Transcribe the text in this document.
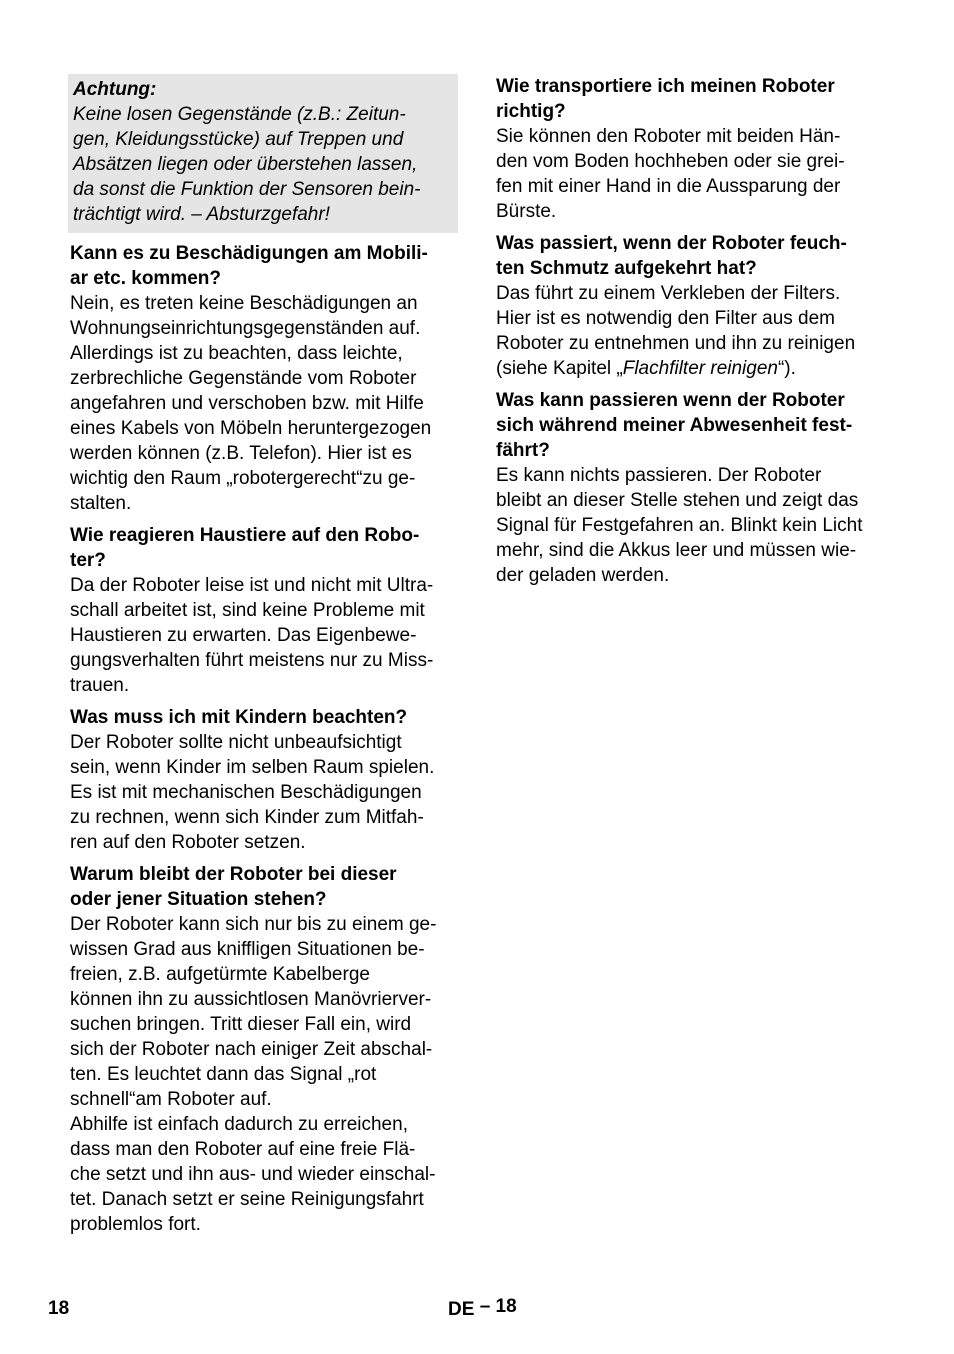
Achtung:
Keine losen Gegenstände (z.B.: Zeitun-
gen, Kleidungsstücke) auf Treppen und
Absätzen liegen oder überstehen lassen,
da sonst die Funktion der Sensoren bein-
trächtigt wird. – Absturzgefahr!
Kann es zu Beschädigungen am Mobili-
ar etc. kommen?
Nein, es treten keine Beschädigungen an
Wohnungseinrichtungsgegenständen auf.
Allerdings ist zu beachten, dass leichte,
zerbrechliche Gegenstände vom Roboter
angefahren und verschoben bzw. mit Hilfe
eines Kabels von Möbeln heruntergezogen
werden können (z.B. Telefon). Hier ist es
wichtig den Raum „robotergerecht“zu ge-
stalten.
Wie reagieren Haustiere auf den Robo-
ter?
Da der Roboter leise ist und nicht mit Ultra-
schall arbeitet ist, sind keine Probleme mit
Haustieren zu erwarten. Das Eigenbewe-
gungsverhalten führt meistens nur zu Miss-
trauen.
Was muss ich mit Kindern beachten?
Der Roboter sollte nicht unbeaufsichtigt
sein, wenn Kinder im selben Raum spielen.
Es ist mit mechanischen Beschädigungen
zu rechnen, wenn sich Kinder zum Mitfah-
ren auf den Roboter setzen.
Warum bleibt der Roboter bei dieser
oder jener Situation stehen?
Der Roboter kann sich nur bis zu einem ge-
wissen Grad aus kniffligen Situationen be-
freien, z.B. aufgetürmte Kabelberge
können ihn zu aussichtlosen Manövrierver-
suchen bringen. Tritt dieser Fall ein, wird
sich der Roboter nach einiger Zeit abschal-
ten. Es leuchtet dann das Signal „rot
schnell“am Roboter auf.
Abhilfe ist einfach dadurch zu erreichen,
dass man den Roboter auf eine freie Flä-
che setzt und ihn aus- und wieder einschal-
tet. Danach setzt er seine Reinigungsfahrt
problemlos fort.
Wie transportiere ich meinen Roboter
richtig?
Sie können den Roboter mit beiden Hän-
den vom Boden hochheben oder sie grei-
fen mit einer Hand in die Aussparung der
Bürste.
Was passiert, wenn der Roboter feuch-
ten Schmutz aufgekehrt hat?
Das führt zu einem Verkleben der Filters.
Hier ist es notwendig den Filter aus dem
Roboter zu entnehmen und ihn zu reinigen
(siehe Kapitel „Flachfilter reinigen“).
Was kann passieren wenn der Roboter
sich während meiner Abwesenheit fest-
fährt?
Es kann nichts passieren. Der Roboter
bleibt an dieser Stelle stehen und zeigt das
Signal für Festgefahren an. Blinkt kein Licht
mehr, sind die Akkus leer und müssen wie-
der geladen werden.
18	DE – 18
